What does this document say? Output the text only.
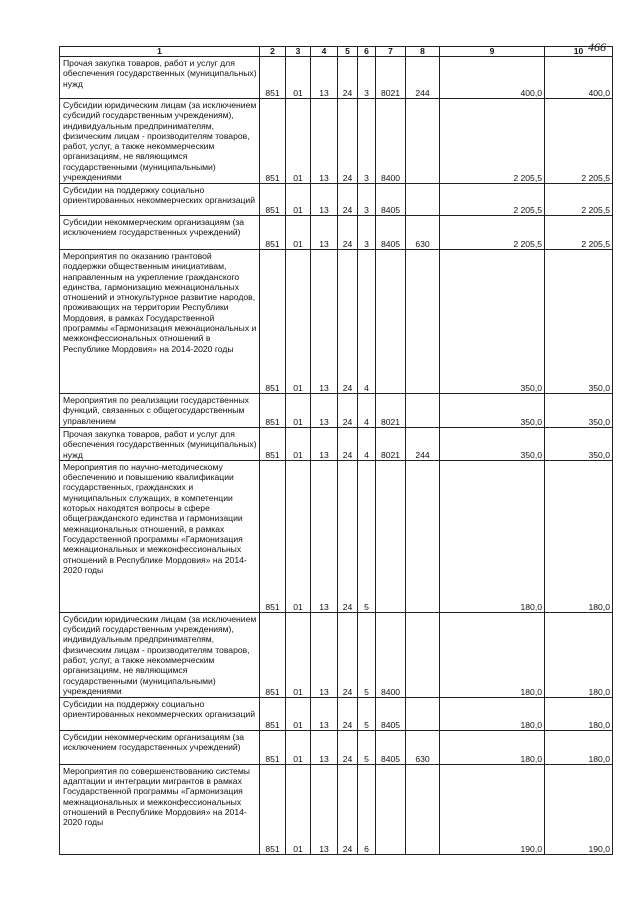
466
1	2	3	4	5	6	7	8	9	10
Прочая закупка товаров, работ и услуг для обеспечения государственных (муниципальных) нужд	851	01	13	24	3	8021	244	400,0	400,0
Субсидии юридическим лицам (за исключением субсидий государственным учреждениям), индивидуальным предпринимателям, физическим лицам - производителям товаров, работ, услуг, а также некоммерческим организациям, не являющимся государственными (муниципальными) учреждениями	851	01	13	24	3	8400		2 205,5	2 205,5
Субсидии на поддержку социально ориентированных некоммерческих организаций	851	01	13	24	3	8405		2 205,5	2 205,5
Субсидии некоммерческим организациям (за исключением государственных учреждений)	851	01	13	24	3	8405	630	2 205,5	2 205,5
Мероприятия по оказанию грантовой поддержки общественным инициативам, направленным на укрепление гражданского единства, гармонизацию межнациональных отношений и этнокультурное развитие народов, проживающих на территории Республики Мордовия, в рамках Государственной программы «Гармонизация межнациональных и межконфессиональных отношений в Республике Мордовия» на 2014-2020 годы	851	01	13	24	4			350,0	350,0
Мероприятия по реализации государственных функций, связанных с общегосударственным управлением	851	01	13	24	4	8021		350,0	350,0
Прочая закупка товаров, работ и услуг для обеспечения государственных (муниципальных) нужд	851	01	13	24	4	8021	244	350,0	350,0
Мероприятия по научно-методическому обеспечению и повышению квалификации государственных, гражданских и муниципальных служащих, в компетенции которых находятся вопросы в сфере общегражданского единства и гармонизации межнациональных отношений, в рамках Государственной программы «Гармонизация межнациональных и межконфессиональных отношений в Республике Мордовия» на 2014-2020 годы	851	01	13	24	5			180,0	180,0
Субсидии юридическим лицам (за исключением субсидий государственным учреждениям), индивидуальным предпринимателям, физическим лицам - производителям товаров, работ, услуг, а также некоммерческим организациям, не являющимся государственными (муниципальными) учреждениями	851	01	13	24	5	8400		180,0	180,0
Субсидии на поддержку социально ориентированных некоммерческих организаций	851	01	13	24	5	8405		180,0	180,0
Субсидии некоммерческим организациям (за исключением государственных учреждений)	851	01	13	24	5	8405	630	180,0	180,0
Мероприятия по совершенствованию системы адаптации и интеграции мигрантов в рамках Государственной программы «Гармонизация межнациональных и межконфессиональных отношений в Республике Мордовия» на 2014-2020 годы	851	01	13	24	6			190,0	190,0
